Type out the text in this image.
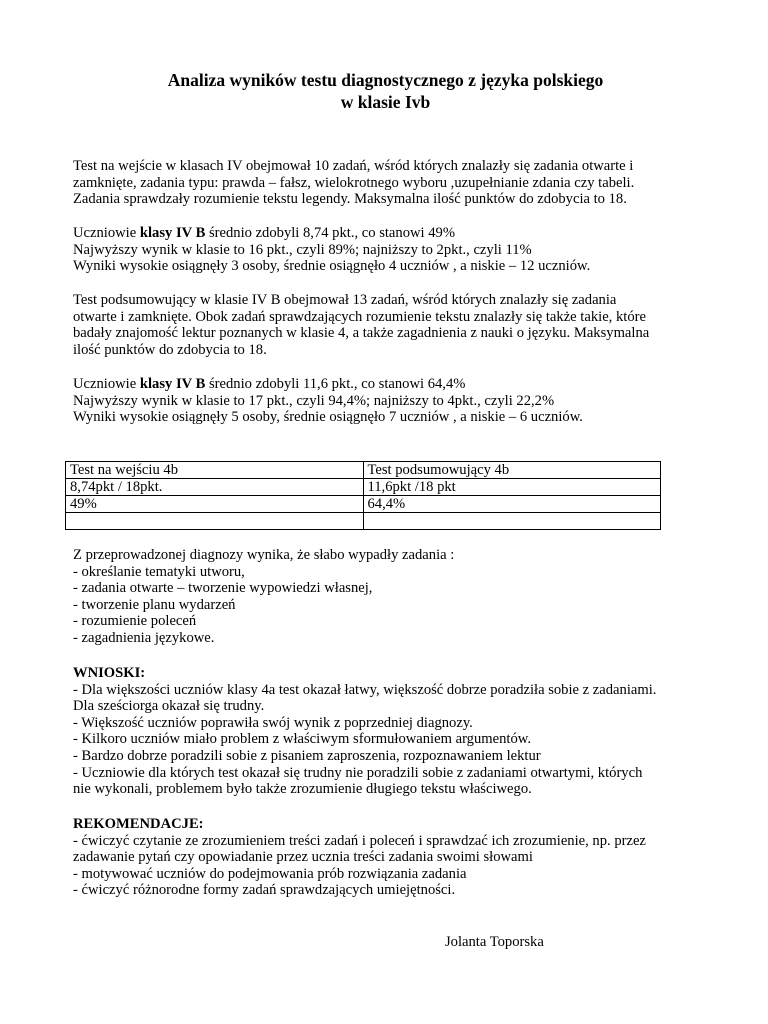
Analiza wyników testu diagnostycznego z języka polskiego
w klasie Ivb
Test na wejście w klasach IV obejmował 10 zadań, wśród których znalazły się zadania otwarte i
zamknięte, zadania typu: prawda – fałsz, wielokrotnego wyboru ,uzupełnianie zdania czy tabeli.
Zadania sprawdzały rozumienie tekstu legendy. Maksymalna ilość punktów do zdobycia to 18.
Uczniowie klasy IV B średnio zdobyli 8,74 pkt., co stanowi 49%
Najwyższy wynik w klasie to 16 pkt., czyli 89%; najniższy to 2pkt., czyli 11%
Wyniki wysokie osiągnęły 3 osoby, średnie osiągnęło 4 uczniów , a niskie – 12 uczniów.
Test podsumowujący w klasie IV B obejmował 13 zadań, wśród których znalazły się zadania
otwarte i zamknięte. Obok zadań sprawdzających rozumienie tekstu znalazły się także takie, które
badały znajomość lektur poznanych w klasie 4, a także zagadnienia z nauki o języku. Maksymalna
ilość punktów do zdobycia to 18.
Uczniowie klasy IV B średnio zdobyli 11,6 pkt., co stanowi 64,4%
Najwyższy wynik w klasie to 17 pkt., czyli 94,4%; najniższy to 4pkt., czyli 22,2%
Wyniki wysokie osiągnęły 5 osoby, średnie osiągnęło 7 uczniów , a niskie – 6 uczniów.
Test na wejściu 4b	Test podsumowujący 4b
8,74pkt / 18pkt.	11,6pkt /18 pkt
49%	64,4%

Z przeprowadzonej diagnozy wynika, że słabo wypadły zadania :
- określanie tematyki utworu,
- zadania otwarte – tworzenie wypowiedzi własnej,
- tworzenie planu wydarzeń
- rozumienie poleceń
- zagadnienia językowe.
WNIOSKI:
- Dla większości uczniów klasy 4a test okazał łatwy, większość dobrze poradziła sobie z zadaniami.
Dla sześciorga okazał się trudny.
- Większość uczniów poprawiła swój wynik z poprzedniej diagnozy.
- Kilkoro uczniów miało problem z właściwym sformułowaniem argumentów.
- Bardzo dobrze poradzili sobie z pisaniem zaproszenia, rozpoznawaniem lektur
- Uczniowie dla których test okazał się trudny nie poradzili sobie z zadaniami otwartymi, których
nie wykonali, problemem było także zrozumienie długiego tekstu właściwego.
REKOMENDACJE:
- ćwiczyć czytanie ze zrozumieniem treści zadań i poleceń i sprawdzać ich zrozumienie, np. przez
zadawanie pytań czy opowiadanie przez ucznia treści zadania swoimi słowami
- motywować uczniów do podejmowania prób rozwiązania zadania
- ćwiczyć różnorodne formy zadań sprawdzających umiejętności.
Jolanta Toporska
